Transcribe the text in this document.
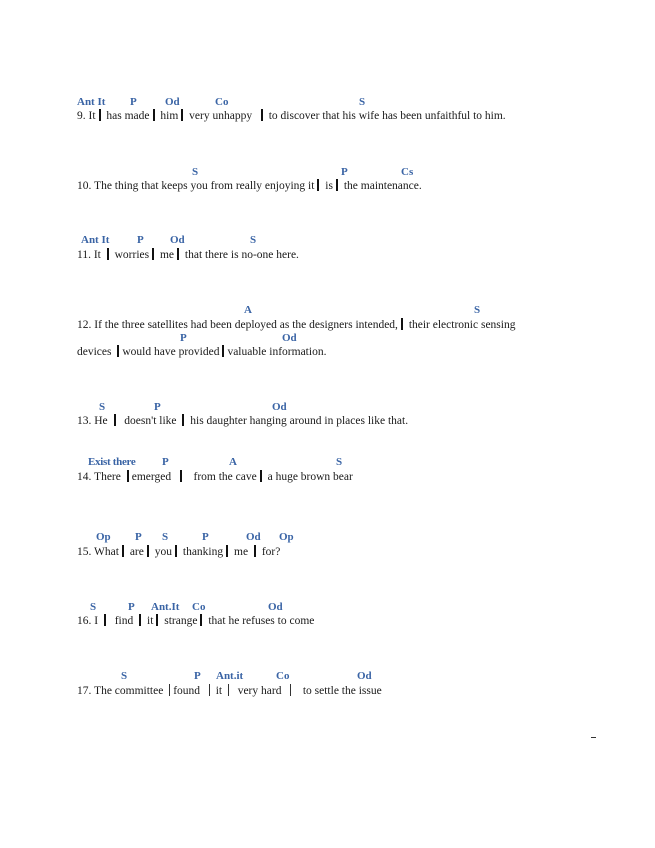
Ant It P	Od	Co	S
9. It has made him very unhappy to discover that his wife has been unfaithful to him.
S	P	Cs
10. The thing that keeps you from really enjoying it is the maintenance.
Ant It	P Od	S
11. It worries me that there is no-one here.
A	S
12. If the three satellites had been deployed as the designers intended, their electronic sensing
P	Od
devices would have provided valuable information.
S	P	Od
13. He doesn't like his daughter hanging around in places like that.
Exist there P	A	S
14. There emerged from the cave a huge brown bear
Op P S	P	Od Op
15. What are you thanking me for?
S	P Ant.It Co	Od
16. I find it strange that he refuses to come
S	P Ant.it	Co	Od
17. The committee found it very hard to settle the issue
